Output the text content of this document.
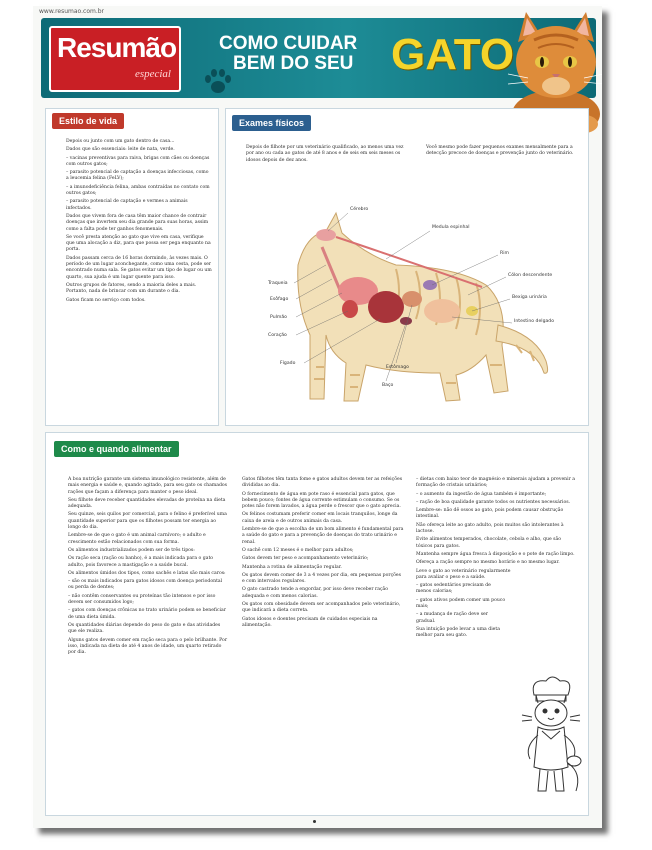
www.resumao.com.br
Resumão
especial
COMO CUIDAR
BEM DO SEU GATO
Estilo de vida

Depois ou junto com um gato dentro de casa...

Dados que são essenciais: leite de nata, verde.

– vacinas preventivas para raiva, brigas com cães ou doenças com outros gatos;

– parasito potencial de captação a doenças infecciosas, como a leucemia felina (FeLV);

– a imunodeficiência felina, ambas contraídas no contato com outros gatos;

– parasito potencial de captação e vermes a animais infectados.

Dados que vivem fora de casa têm maior chance de contrair doenças que invertem seu dia grande para suas horas, assim como a falta pode ter ganhos fenomenais.

Se você presta atenção ao gato que vive em casa, verifique que uma alocação a diz, para que possa ser pega enquanto na porta.

Dados passam cerca de 16 horas dormindo, às vezes mais. O período de um lugar aconchegante, como uma cesta, pode ser encontrado numa sala. Se gatos evitar um tipo de lugar ou um quarto, sua ajuda é um lugar quente para isso.

Outros grupos de fatores, sendo a maioria deles a mais. Portanto, nada de brincar com um durante o dia.

Gatos ficam no serviço com todos.

Exames físicos

Depois de filhote por um veterinário qualificado, ao menos uma vez por ano ou cada ao gatos de até 8 anos e de seis em seis meses os idosos depois de dez anos.

Você mesmo pode fazer pequenos exames mensalmente para a detecção precoce de doenças e prevenção junto do veterinário.

Cérebro
Medula espinhal
Rim
Cólon descendente
Bexiga urinária
Intestino delgado
Traqueia
Esôfago
Pulmão
Coração
Fígado
Estômago
Baço
Como e quando alimentar

A boa nutrição garante um sistema imunológico resistente, além de mais energia e saúde e, quando agitado, para seu gato os chamados rações que façam a diferença para manter o peso ideal.

Seu filhote deve receber quantidades elevadas de proteína na dieta adequada.

Seu quinze, seis quilos por comercial, para o felino é preferível uma quantidade superior para que os filhotes possam ter energia ao longo do dia.

Lembre-se de que o gato é um animal carnívoro; o adulto e crescimento estão relacionados com sua forma.

Os alimentos industrializados podem ser de três tipos:

Os ração seca (ração ou banho), é a mais indicada para o gato adulto, pois favorece a mastigação e a saúde bucal.

Os alimentos úmidos dos tipos, como sachês e latas são mais caros:

– são os mais indicados para gatos idosos com doença periodontal ou perda de dentes;

– não contêm conservantes ou proteínas tão intensos e por isso devem ser consumidos logo;

– gatos com doenças crônicas no trato urinário podem se beneficiar de uma dieta úmida.

Os quantidades diárias depende do peso do gato e das atividades que ele realiza.

Alguns gatos devem comer em ração seca para o pelo brilhante. Por isso, indicada na dieta de até 4 anos de idade, um quarto retirado por dia.

Gatos filhotes têm tanta fome e gatos adultos devem ter as refeições divididas ao dia.

O fornecimento de água em pote raso é essencial para gatos, que bebem pouco; fontes de água corrente estimulam o consumo. Se os potes não forem lavados, a água perde o frescor que o gato aprecia.

Os felinos costumam preferir comer em locais tranquilos, longe da caixa de areia e de outros animais da casa.

Lembre-se de que a escolha de um bom alimento é fundamental para a saúde do gato e para a prevenção de doenças do trato urinário e renal.

O sachê com 12 meses é o melhor para adultos;

Gatos devem ter peso e acompanhamento veterinário;

Mantenha a rotina de alimentação regular.

Os gatos devem comer de 3 a 4 vezes por dia, em pequenas porções e com intervalos regulares.

O gato castrado tende a engordar, por isso deve receber ração adequada e com menos calorias.

Os gatos com obesidade devem ser acompanhados pelo veterinário, que indicará a dieta correta.

Gatos idosos e doentes precisam de cuidados especiais na alimentação.

– dietas com baixo teor de magnésio e minerais ajudam a prevenir a formação de cristais urinários;

– o aumento da ingestão de água também é importante;

– ração de boa qualidade garante todos os nutrientes necessários.

Lembre-se: não dê ossos ao gato, pois podem causar obstrução intestinal.

Não ofereça leite ao gato adulto, pois muitos são intolerantes à lactose.

Evite alimentos temperados, chocolate, cebola e alho, que são tóxicos para gatos.

Mantenha sempre água fresca à disposição e o pote de ração limpo.

Ofereça a ração sempre no mesmo horário e no mesmo lugar.

Leve o gato ao veterinário regularmente para avaliar o peso e a saúde.

– gatos sedentários precisam de menos calorias;

– gatos ativos podem comer um pouco mais;

– a mudança de ração deve ser gradual.

Sua intuição pode levar a uma dieta melhor para seu gato.
